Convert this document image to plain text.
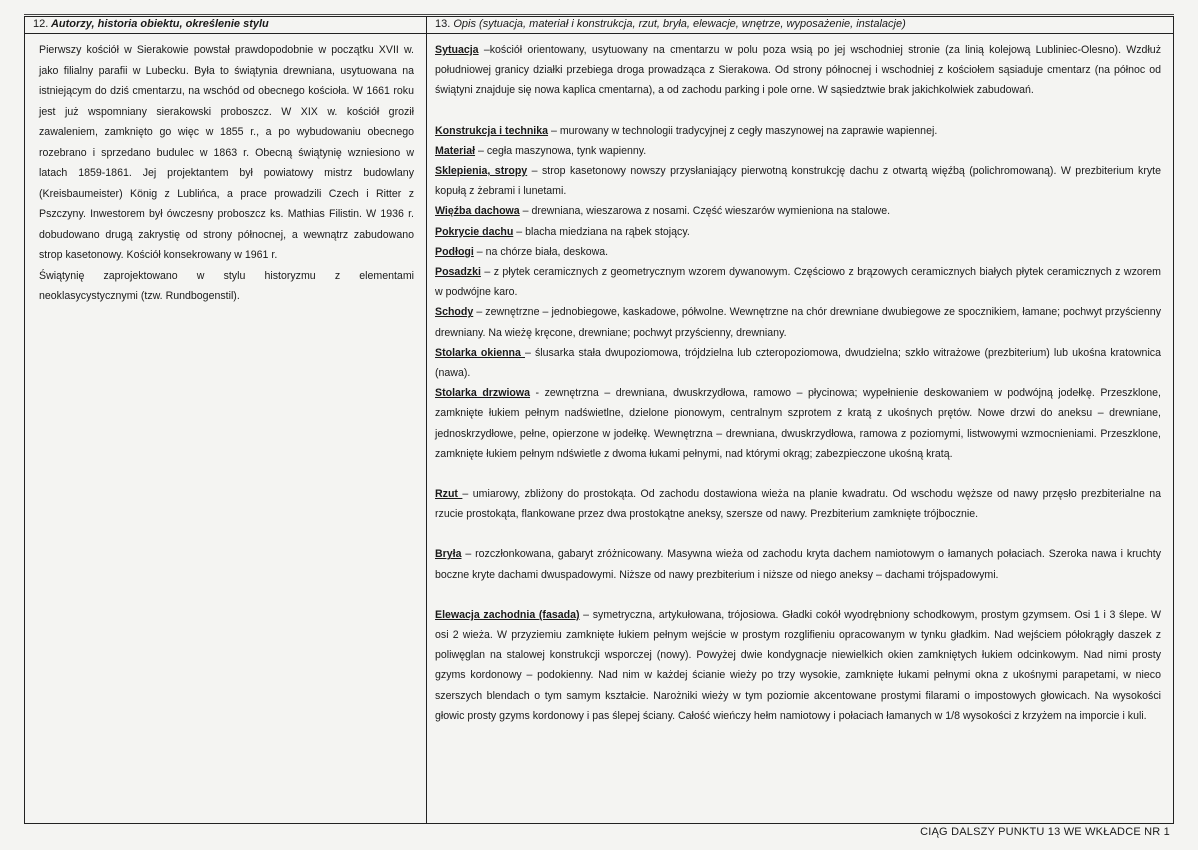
12. Autorzy, historia obiektu, określenie stylu

Pierwszy kościół w Sierakowie powstał prawdopodobnie w początku XVII w. jako filialny parafii w Lubecku. Była to świątynia drewniana, usytuowana na istniejącym do dziś cmentarzu, na wschód od obecnego kościoła. W 1661 roku jest już wspomniany sierakowski proboszcz. W XIX w. kościół groził zawaleniem, zamknięto go więc w 1855 r., a po wybudowaniu obecnego rozebrano i sprzedano budulec w 1863 r. Obecną świątynię wzniesiono w latach 1859-1861. Jej projektantem był powiatowy mistrz budowlany (Kreisbaumeister) König z Lublińca, a prace prowadzili Czech i Ritter z Pszczyny. Inwestorem był ówczesny proboszcz ks. Mathias Filistin. W 1936 r. dobudowano drugą zakrystię od strony północnej, a wewnątrz zabudowano strop kasetonowy. Kościół konsekrowany w 1961 r.

Świątynię zaprojektowano w stylu historyzmu z elementami neoklasycystycznymi (tzw. Rundbogenstil).

13. Opis (sytuacja, materiał i konstrukcja, rzut, bryła, elewacje, wnętrze, wyposażenie, instalacje)

Sytuacja –kościół orientowany, usytuowany na cmentarzu w polu poza wsią po jej wschodniej stronie (za linią kolejową Lubliniec-Olesno). Wzdłuż południowej granicy działki przebiega droga prowadząca z Sierakowa. Od strony północnej i wschodniej z kościołem sąsiaduje cmentarz (na północ od świątyni znajduje się nowa kaplica cmentarna), a od zachodu parking i pole orne. W sąsiedztwie brak jakichkolwiek zabudowań.

Konstrukcja i technika – murowany w technologii tradycyjnej z cegły maszynowej na zaprawie wapiennej.

Materiał – cegła maszynowa, tynk wapienny.

Sklepienia, stropy – strop kasetonowy nowszy przysłaniający pierwotną konstrukcję dachu z otwartą więźbą (polichromowaną). W prezbiterium kryte kopułą z żebrami i lunetami.

Więźba dachowa – drewniana, wieszarowa z nosami. Część wieszarów wymieniona na stalowe.

Pokrycie dachu – blacha miedziana na rąbek stojący.

Podłogi – na chórze biała, deskowa.

Posadzki – z płytek ceramicznych z geometrycznym wzorem dywanowym. Częściowo z brązowych ceramicznych białych płytek ceramicznych z wzorem w podwójne karo.

Schody – zewnętrzne – jednobiegowe, kaskadowe, półwolne. Wewnętrzne na chór drewniane dwubiegowe ze spocznikiem, łamane; pochwyt przyścienny drewniany. Na wieżę kręcone, drewniane; pochwyt przyścienny, drewniany.

Stolarka okienna – ślusarka stała dwupoziomowa, trójdzielna lub czteropoziomowa, dwudzielna; szkło witrażowe (prezbiterium) lub ukośna kratownica (nawa).

Stolarka drzwiowa - zewnętrzna – drewniana, dwuskrzydłowa, ramowo – płycinowa; wypełnienie deskowaniem w podwójną jodełkę. Przeszklone, zamknięte łukiem pełnym nadświetlne, dzielone pionowym, centralnym szprotem z kratą z ukośnych prętów. Nowe drzwi do aneksu – drewniane, jednoskrzydłowe, pełne, opierzone w jodełkę. Wewnętrzna – drewniana, dwuskrzydłowa, ramowa z poziomymi, listwowymi wzmocnieniami. Przeszklone, zamknięte łukiem pełnym ndświetle z dwoma łukami pełnymi, nad którymi okrąg; zabezpieczone ukośną kratą.

Rzut – umiarowy, zbliżony do prostokąta. Od zachodu dostawiona wieża na planie kwadratu. Od wschodu węższe od nawy przęsło prezbiterialne na rzucie prostokąta, flankowane przez dwa prostokątne aneksy, szersze od nawy. Prezbiterium zamknięte trójbocznie.

Bryła – rozczłonkowana, gabaryt zróżnicowany. Masywna wieża od zachodu kryta dachem namiotowym o łamanych połaciach. Szeroka nawa i kruchty boczne kryte dachami dwuspadowymi. Niższe od nawy prezbiterium i niższe od niego aneksy – dachami trójspadowymi.

Elewacja zachodnia (fasada) – symetryczna, artykułowana, trójosiowa. Gładki cokół wyodrębniony schodkowym, prostym gzymsem. Osi 1 i 3 ślepe. W osi 2 wieża. W przyziemiu zamknięte łukiem pełnym wejście w prostym rozglifieniu opracowanym w tynku gładkim. Nad wejściem półokrągły daszek z poliwęglan na stalowej konstrukcji wsporczej (nowy). Powyżej dwie kondygnacje niewielkich okien zamkniętych łukiem odcinkowym. Nad nimi prosty gzyms kordonowy – podokienny. Nad nim w każdej ścianie wieży po trzy wysokie, zamknięte łukami pełnymi okna z ukośnymi parapetami, w nieco szerszych blendach o tym samym kształcie. Narożniki wieży w tym poziomie akcentowane prostymi filarami o impostowych głowicach. Na wysokości głowic prosty gzyms kordonowy i pas ślepej ściany. Całość wieńczy hełm namiotowy i połaciach łamanych w 1/8 wysokości z krzyżem na imporcie i kuli.

CIĄG DALSZY PUNKTU 13 WE WKŁADCE NR 1
